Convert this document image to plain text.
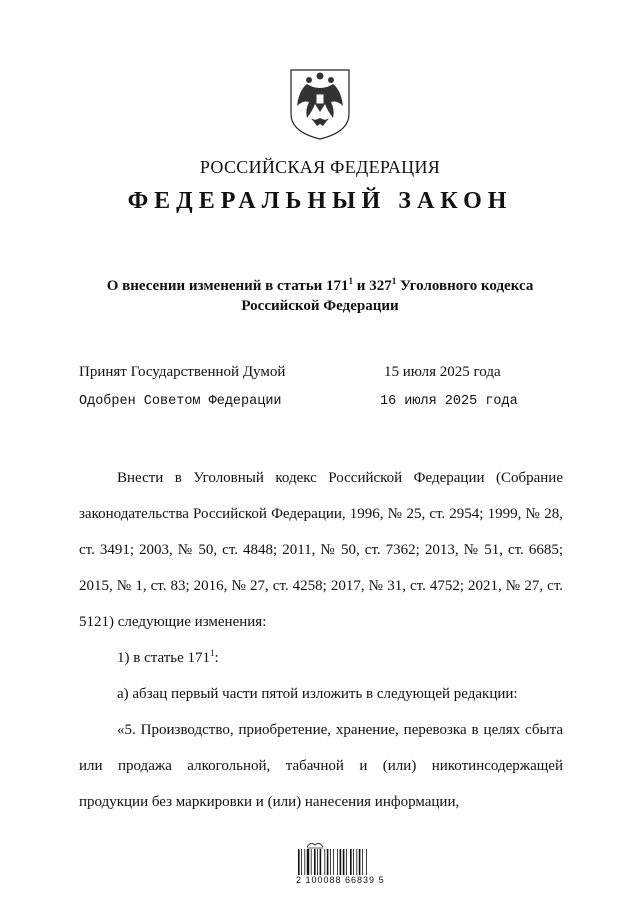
РОССИЙСКАЯ ФЕДЕРАЦИЯ
ФЕДЕРАЛЬНЫЙ ЗАКОН
О внесении изменений в статьи $171^1$ и $327^1$ Уголовного кодекса
Российской Федерации
Принят Государственной Думой	15 июля 2025 года
Одобрен Советом Федерации	16 июля 2025 года

Внести в Уголовный кодекс Российской Федерации (Собрание законодательства Российской Федерации, 1996, № 25, ст. 2954; 1999, № 28, ст. 3491; 2003, № 50, ст. 4848; 2011, № 50, ст. 7362; 2013, № 51, ст. 6685; 2015, № 1, ст. 83; 2016, № 27, ст. 4258; 2017, № 31, ст. 4752; 2021, № 27, ст. 5121) следующие изменения:

1) в статье $171^1$:

а) абзац первый части пятой изложить в следующей редакции:

«5. Производство, приобретение, хранение, перевозка в целях сбыта или продажа алкогольной, табачной и (или) никотинсодержащей продукции без маркировки и (или) нанесения информации,

2 100088 66839 5
